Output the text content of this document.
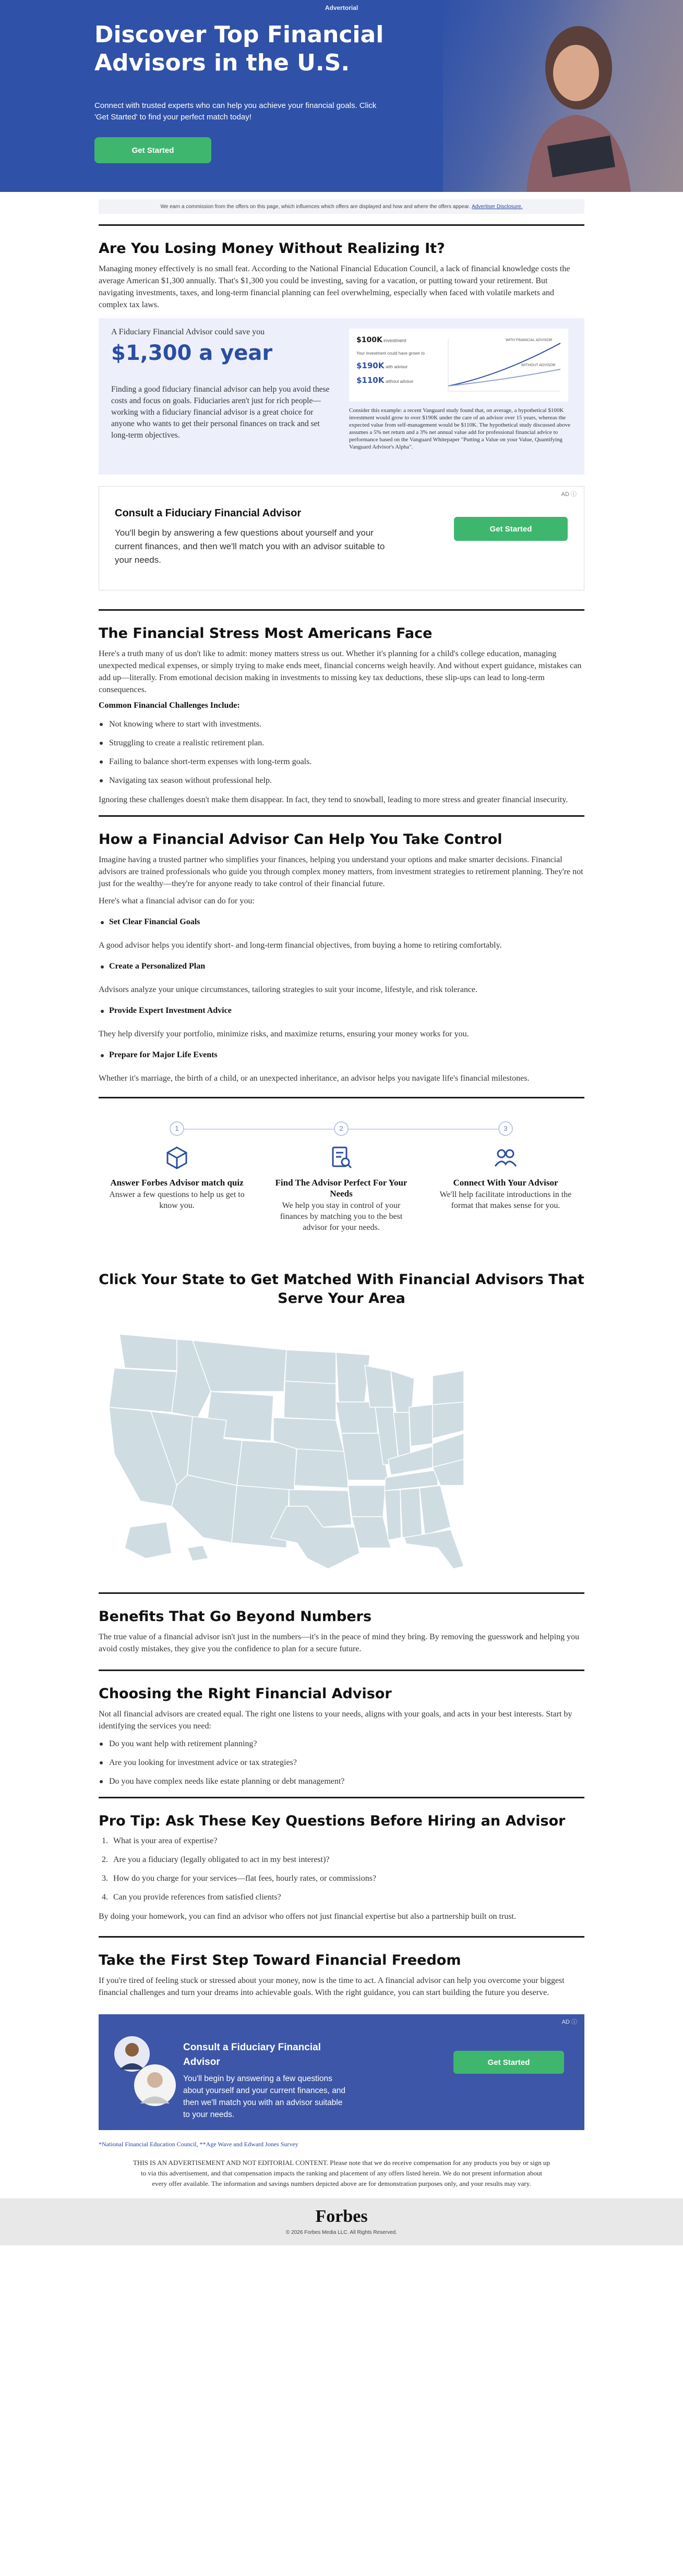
Advertorial
Discover Top Financial Advisors in the U.S.
Connect with trusted experts who can help you achieve your financial goals. Click 'Get Started' to find your perfect match today!
Get Started
We earn a commission from the offers on this page, which influences which offers are displayed and how and where the offers appear. Advertiser Disclosure.
Are You Losing Money Without Realizing It?

Managing money effectively is no small feat. According to the National Financial Education Council, a lack of financial knowledge costs the average American $1,300 annually. That's $1,300 you could be investing, saving for a vacation, or putting toward your retirement. But navigating investments, taxes, and long-term financial planning can feel overwhelming, especially when faced with volatile markets and complex tax laws.

A Fiduciary Financial Advisor could save you
$1,300 a year
Finding a good fiduciary financial advisor can help you avoid these costs and focus on goals. Fiduciaries aren't just for rich people—working with a fiduciary financial advisor is a great choice for anyone who wants to get their personal finances on track and set long-term objectives.
$100K investment
Your investment could have grown to
$190K with advisor
$110K without advisor
WITH FINANCIAL ADVISOR
WITHOUT ADVISOR
Consider this example: a recent Vanguard study found that, on average, a hypothetical $100K investment would grow to over $190K under the care of an advisor over 15 years, whereas the expected value from self-management would be $110K. The hypothetical study discussed above assumes a 5% net return and a 3% net annual value add for professional financial advice to performance based on the Vanguard Whitepaper "Putting a Value on your Value, Quantifying Vanguard Advisor's Alpha".
AD ⓘ
Consult a Fiduciary Financial Advisor
You'll begin by answering a few questions about yourself and your current finances, and then we'll match you with an advisor suitable to your needs.
Get Started
The Financial Stress Most Americans Face

Here's a truth many of us don't like to admit: money matters stress us out. Whether it's planning for a child's college education, managing unexpected medical expenses, or simply trying to make ends meet, financial concerns weigh heavily. And without expert guidance, mistakes can add up—literally. From emotional decision making in investments to missing key tax deductions, these slip-ups can lead to long-term consequences.

Common Financial Challenges Include:
Not knowing where to start with investments.
Struggling to create a realistic retirement plan.
Failing to balance short-term expenses with long-term goals.
Navigating tax season without professional help.

Ignoring these challenges doesn't make them disappear. In fact, they tend to snowball, leading to more stress and greater financial insecurity.

How a Financial Advisor Can Help You Take Control

Imagine having a trusted partner who simplifies your finances, helping you understand your options and make smarter decisions. Financial advisors are trained professionals who guide you through complex money matters, from investment strategies to retirement planning. They're not just for the wealthy—they're for anyone ready to take control of their financial future.

Here's what a financial advisor can do for you:

Set Clear Financial Goals

A good advisor helps you identify short- and long-term financial objectives, from buying a home to retiring comfortably.

Create a Personalized Plan

Advisors analyze your unique circumstances, tailoring strategies to suit your income, lifestyle, and risk tolerance.

Provide Expert Investment Advice

They help diversify your portfolio, minimize risks, and maximize returns, ensuring your money works for you.

Prepare for Major Life Events

Whether it's marriage, the birth of a child, or an unexpected inheritance, an advisor helps you navigate life's financial milestones.

1
Answer Forbes Advisor match quiz
Answer a few questions to help us get to know you.
2
Find The Advisor Perfect For Your Needs
We help you stay in control of your finances by matching you to the best advisor for your needs.
3
Connect With Your Advisor
We'll help facilitate introductions in the format that makes sense for you.
Click Your State to Get Matched With Financial Advisors That Serve Your Area
Benefits That Go Beyond Numbers

The true value of a financial advisor isn't just in the numbers—it's in the peace of mind they bring. By removing the guesswork and helping you avoid costly mistakes, they give you the confidence to plan for a secure future.

Choosing the Right Financial Advisor

Not all financial advisors are created equal. The right one listens to your needs, aligns with your goals, and acts in your best interests. Start by identifying the services you need:

Do you want help with retirement planning?
Are you looking for investment advice or tax strategies?
Do you have complex needs like estate planning or debt management?
Pro Tip: Ask These Key Questions Before Hiring an Advisor
1. What is your area of expertise?
2. Are you a fiduciary (legally obligated to act in my best interest)?
3. How do you charge for your services—flat fees, hourly rates, or commissions?
4. Can you provide references from satisfied clients?

By doing your homework, you can find an advisor who offers not just financial expertise but also a partnership built on trust.

Take the First Step Toward Financial Freedom

If you're tired of feeling stuck or stressed about your money, now is the time to act. A financial advisor can help you overcome your biggest financial challenges and turn your dreams into achievable goals. With the right guidance, you can start building the future you deserve.

AD ⓘ
Consult a Fiduciary Financial Advisor
You'll begin by answering a few questions about yourself and your current finances, and then we'll match you with an advisor suitable to your needs.
Get Started
*National Financial Education Council, **Age Wave and Edward Jones Survey
THIS IS AN ADVERTISEMENT AND NOT EDITORIAL CONTENT. Please note that we do receive compensation for any products you buy or sign up to via this advertisement, and that compensation impacts the ranking and placement of any offers listed herein. We do not present information about every offer available. The information and savings numbers depicted above are for demonstration purposes only, and your results may vary.
Forbes
© 2026 Forbes Media LLC. All Rights Reserved.
